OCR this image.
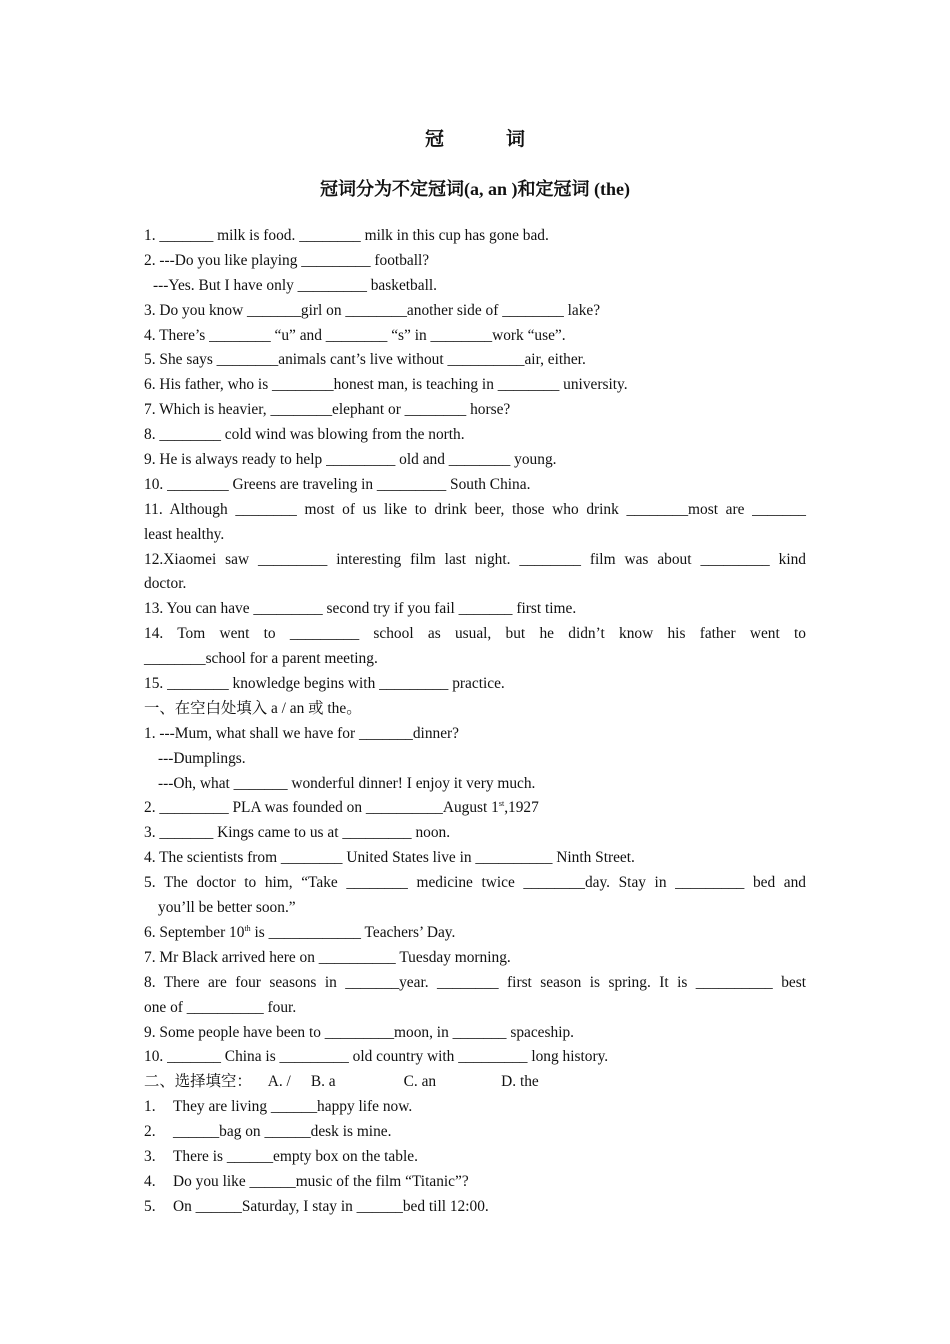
冠	词
冠词分为不定冠词(a, an )和定冠词 (the)
1. _______ milk is food. ________ milk in this cup has gone bad.
2. ---Do you like playing _________ football?
---Yes. But I have only _________ basketball.
3. Do you know _______girl on ________another side of ________ lake?
4. There’s ________ “u” and ________ “s” in ________work “use”.
5. She says ________animals cant’s live without __________air, either.
6. His father, who is ________honest man, is teaching in ________ university.
7. Which is heavier, ________elephant or ________ horse?
8. ________ cold wind was blowing from the north.
9. He is always ready to help _________ old and ________ young.
10. ________ Greens are traveling in _________ South China.
11. Although ________ most of us like to drink beer, those who drink ________most are _______
least healthy.
12.Xiaomei saw _________ interesting film last night. ________ film was about _________ kind
doctor.
13. You can have _________ second try if you fail _______ first time.
14. Tom went to _________ school as usual, but he didn’t know his father went to
________school for a parent meeting.
15. ________ knowledge begins with _________ practice.
一、在空白处填入 a / an 或 the。
1. ---Mum, what shall we have for _______dinner?
---Dumplings.
---Oh, what _______ wonderful dinner! I enjoy it very much.
2. _________ PLA was founded on __________August 1st,1927
3. _______ Kings came to us at _________ noon.
4. The scientists from ________ United States live in __________ Ninth Street.
5. The doctor to him, “Take ________ medicine twice ________day. Stay in _________ bed and
you’ll be better soon.”
6. September 10th is ____________ Teachers’ Day.
7. Mr Black arrived here on __________ Tuesday morning.
8. There are four seasons in _______year. ________ first season is spring. It is __________ best
one of __________ four.
9. Some people have been to _________moon, in _______ spaceship.
10. _______ China is _________ old country with _________ long history.
二、选择填空： A. / B. a	C. an	D. the
1. They are living ______happy life now.
2. ______bag on ______desk is mine.
3. There is ______empty box on the table.
4. Do you like ______music of the film “Titanic”?
5. On ______Saturday, I stay in ______bed till 12:00.
